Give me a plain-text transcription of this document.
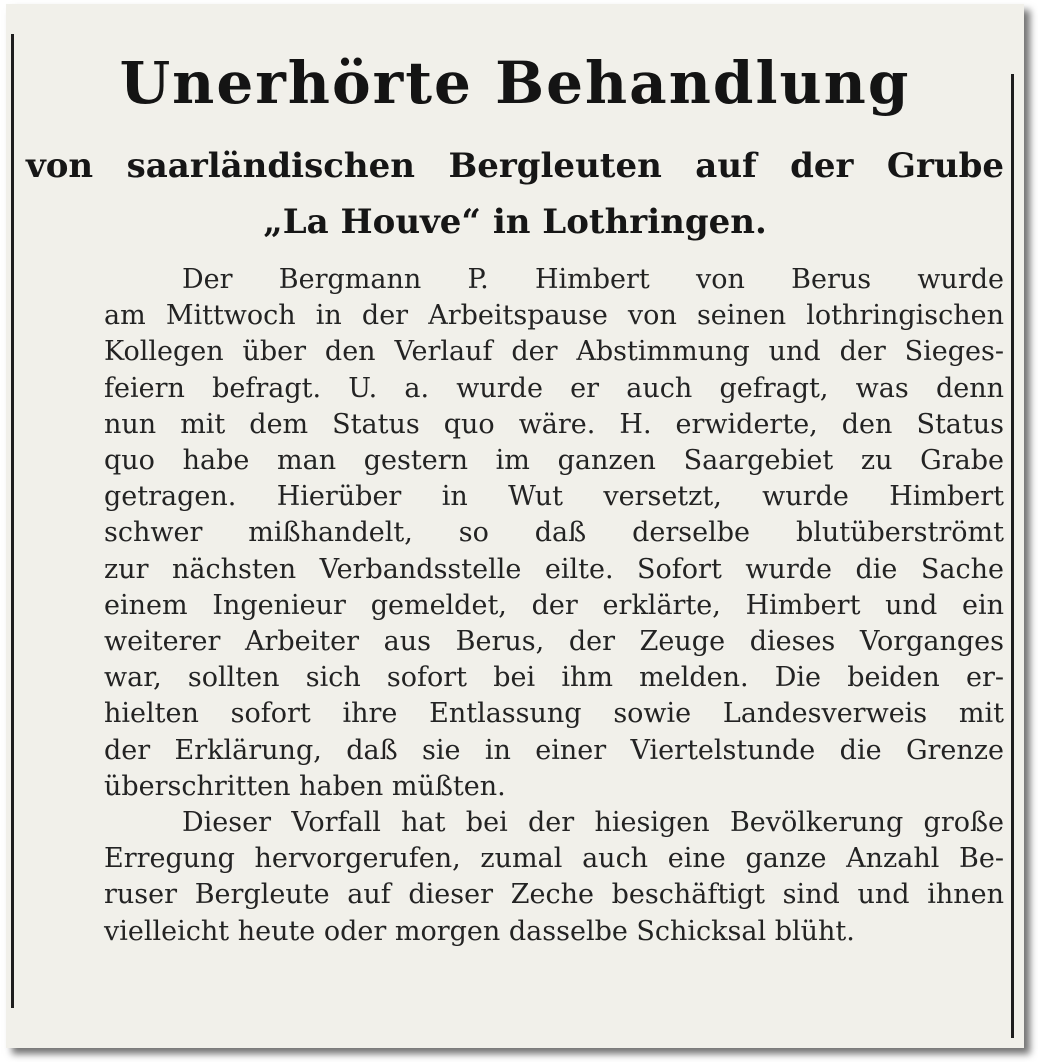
Unerhörte Behandlung
von saarländischen Bergleuten auf der Grube
„La Houve“ in Lothringen.
Der Bergmann P. Himbert von Berus wurde
am Mittwoch in der Arbeitspause von seinen lothringischen
Kollegen über den Verlauf der Abstimmung und der Sieges-
feiern befragt. U. a. wurde er auch gefragt, was denn
nun mit dem Status quo wäre. H. erwiderte, den Status
quo habe man gestern im ganzen Saargebiet zu Grabe
getragen. Hierüber in Wut versetzt, wurde Himbert
schwer mißhandelt, so daß derselbe blutüberströmt
zur nächsten Verbandsstelle eilte. Sofort wurde die Sache
einem Ingenieur gemeldet, der erklärte, Himbert und ein
weiterer Arbeiter aus Berus, der Zeuge dieses Vorganges
war, sollten sich sofort bei ihm melden. Die beiden er-
hielten sofort ihre Entlassung sowie Landesverweis mit
der Erklärung, daß sie in einer Viertelstunde die Grenze
überschritten haben müßten.
Dieser Vorfall hat bei der hiesigen Bevölkerung große
Erregung hervorgerufen, zumal auch eine ganze Anzahl Be-
ruser Bergleute auf dieser Zeche beschäftigt sind und ihnen
vielleicht heute oder morgen dasselbe Schicksal blüht.
